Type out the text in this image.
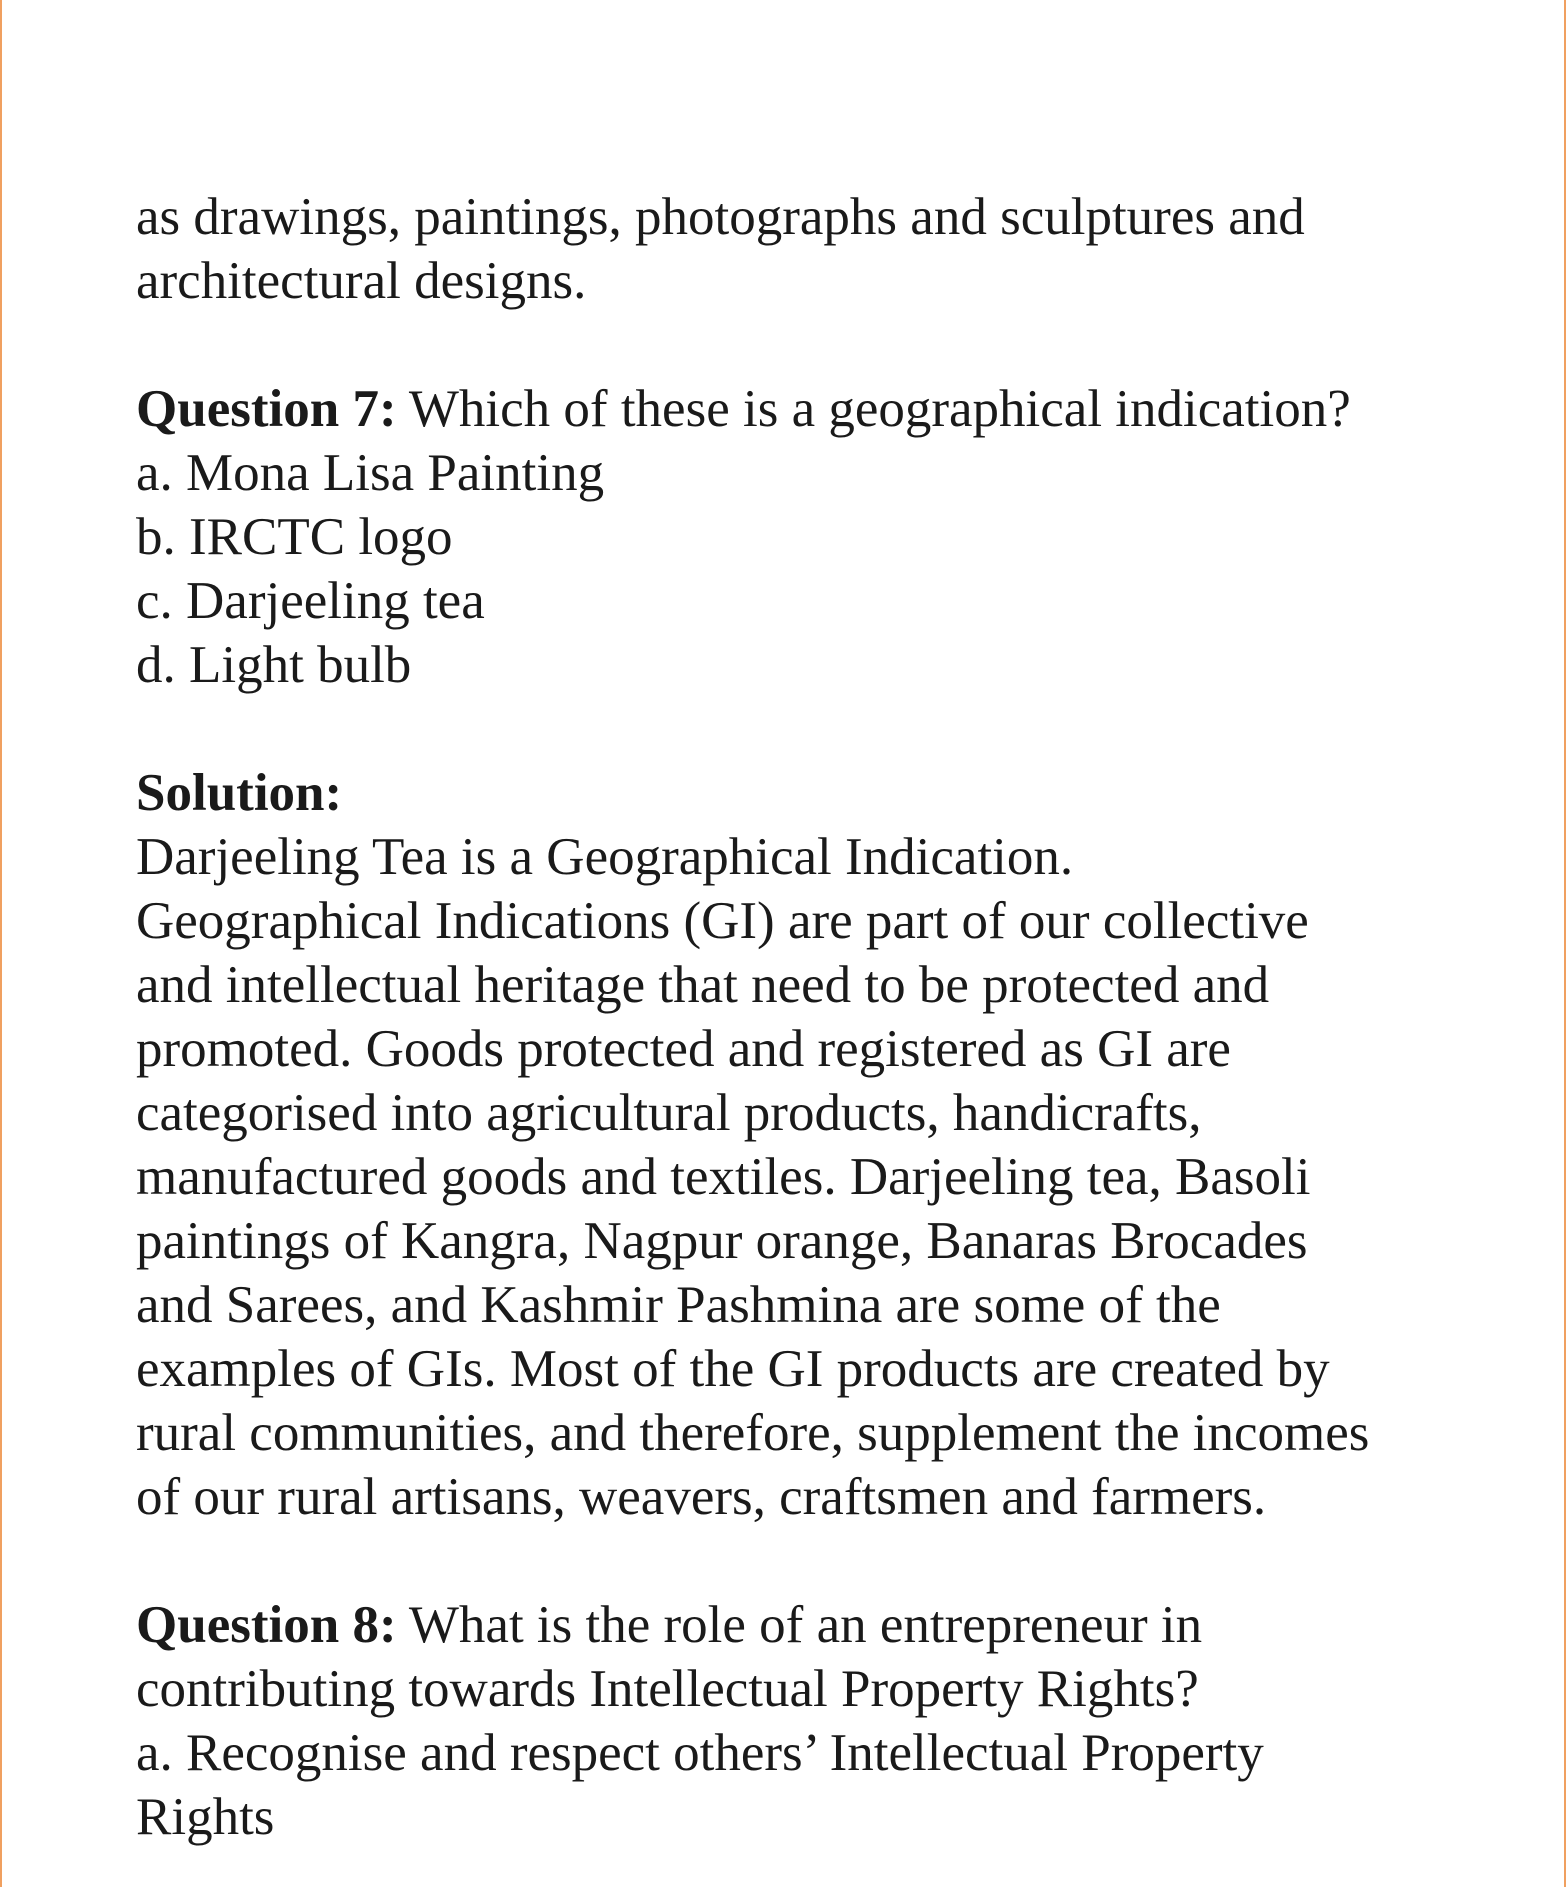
as drawings, paintings, photographs and sculptures and
architectural designs.
Question 7: Which of these is a geographical indication?
a. Mona Lisa Painting
b. IRCTC logo
c. Darjeeling tea
d. Light bulb
Solution:
Darjeeling Tea is a Geographical Indication.
Geographical Indications (GI) are part of our collective
and intellectual heritage that need to be protected and
promoted. Goods protected and registered as GI are
categorised into agricultural products, handicrafts,
manufactured goods and textiles. Darjeeling tea, Basoli
paintings of Kangra, Nagpur orange, Banaras Brocades
and Sarees, and Kashmir Pashmina are some of the
examples of GIs. Most of the GI products are created by
rural communities, and therefore, supplement the incomes
of our rural artisans, weavers, craftsmen and farmers.
Question 8: What is the role of an entrepreneur in
contributing towards Intellectual Property Rights?
a. Recognise and respect others’ Intellectual Property
Rights
